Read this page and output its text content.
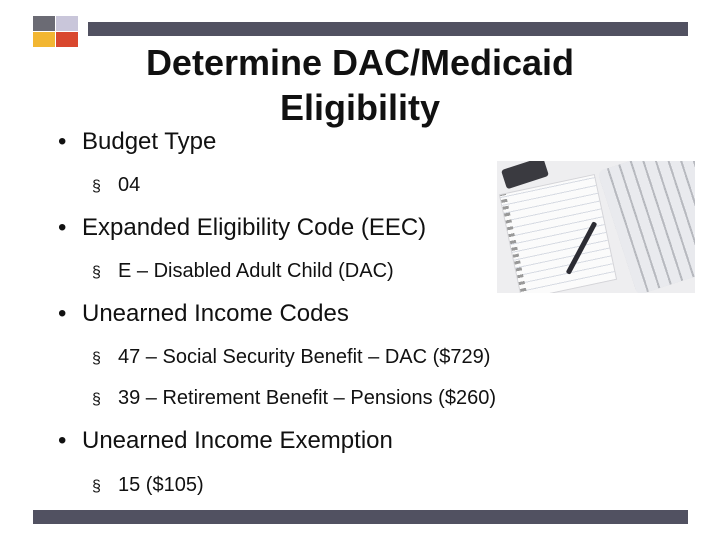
Determine DAC/Medicaid
Eligibility
• Budget Type
§ 04
• Expanded Eligibility Code (EEC)
§ E – Disabled Adult Child (DAC)
• Unearned Income Codes
§ 47 – Social Security Benefit – DAC ($729)
§ 39 – Retirement Benefit – Pensions ($260)
• Unearned Income Exemption
§ 15 ($105)
